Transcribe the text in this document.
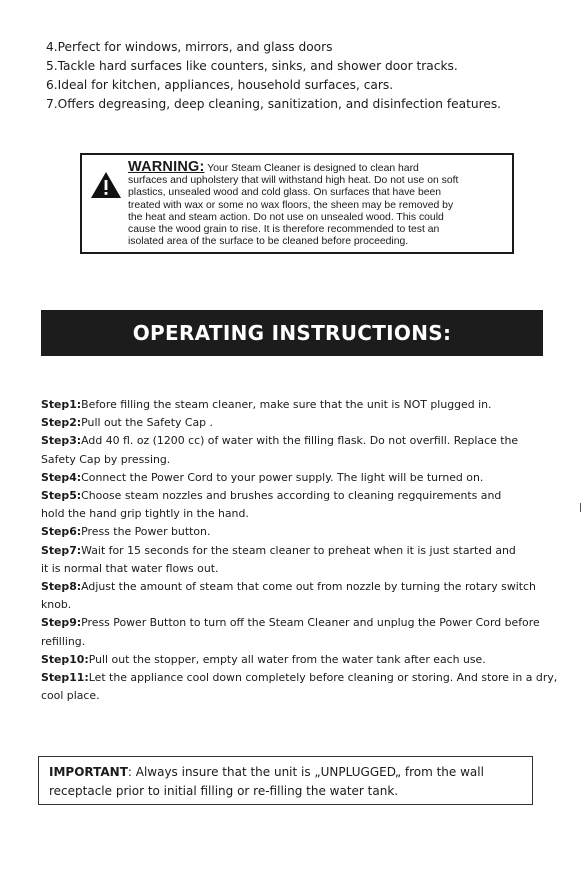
4.Perfect for windows, mirrors, and glass doors
5.Tackle hard surfaces like counters, sinks, and shower door tracks.
6.Ideal for kitchen, appliances, household surfaces, cars.
7.Offers degreasing, deep cleaning, sanitization, and disinfection features.
WARNING: Your Steam Cleaner is designed to clean hard
surfaces and upholstery that will withstand high heat. Do not use on soft
plastics, unsealed wood and cold glass. On surfaces that have been
treated with wax or some no wax floors, the sheen may be removed by
the heat and steam action. Do not use on unsealed wood. This could
cause the wood grain to rise. It is therefore recommended to test an
isolated area of the surface to be cleaned before proceeding.
OPERATING INSTRUCTIONS:
Step1:Before filling the steam cleaner, make sure that the unit is NOT plugged in.
Step2:Pull out the Safety Cap .
Step3:Add 40 fl. oz (1200 cc) of water with the filling flask. Do not overfill. Replace the
Safety Cap by pressing.
Step4:Connect the Power Cord to your power supply. The light will be turned on.
Step5:Choose steam nozzles and brushes according to cleaning regquirements and
hold the hand grip tightly in the hand.
Step6:Press the Power button.
Step7:Wait for 15 seconds for the steam cleaner to preheat when it is just started and
it is normal that water flows out.
Step8:Adjust the amount of steam that come out from nozzle by turning the rotary switch
knob.
Step9:Press Power Button to turn off the Steam Cleaner and unplug the Power Cord before
refilling.
Step10:Pull out the stopper, empty all water from the water tank after each use.
Step11:Let the appliance cool down completely before cleaning or storing. And store in a dry,
cool place.
IMPORTANT: Always insure that the unit is „UNPLUGGED„ from the wall
receptacle prior to initial filling or re-filling the water tank.
